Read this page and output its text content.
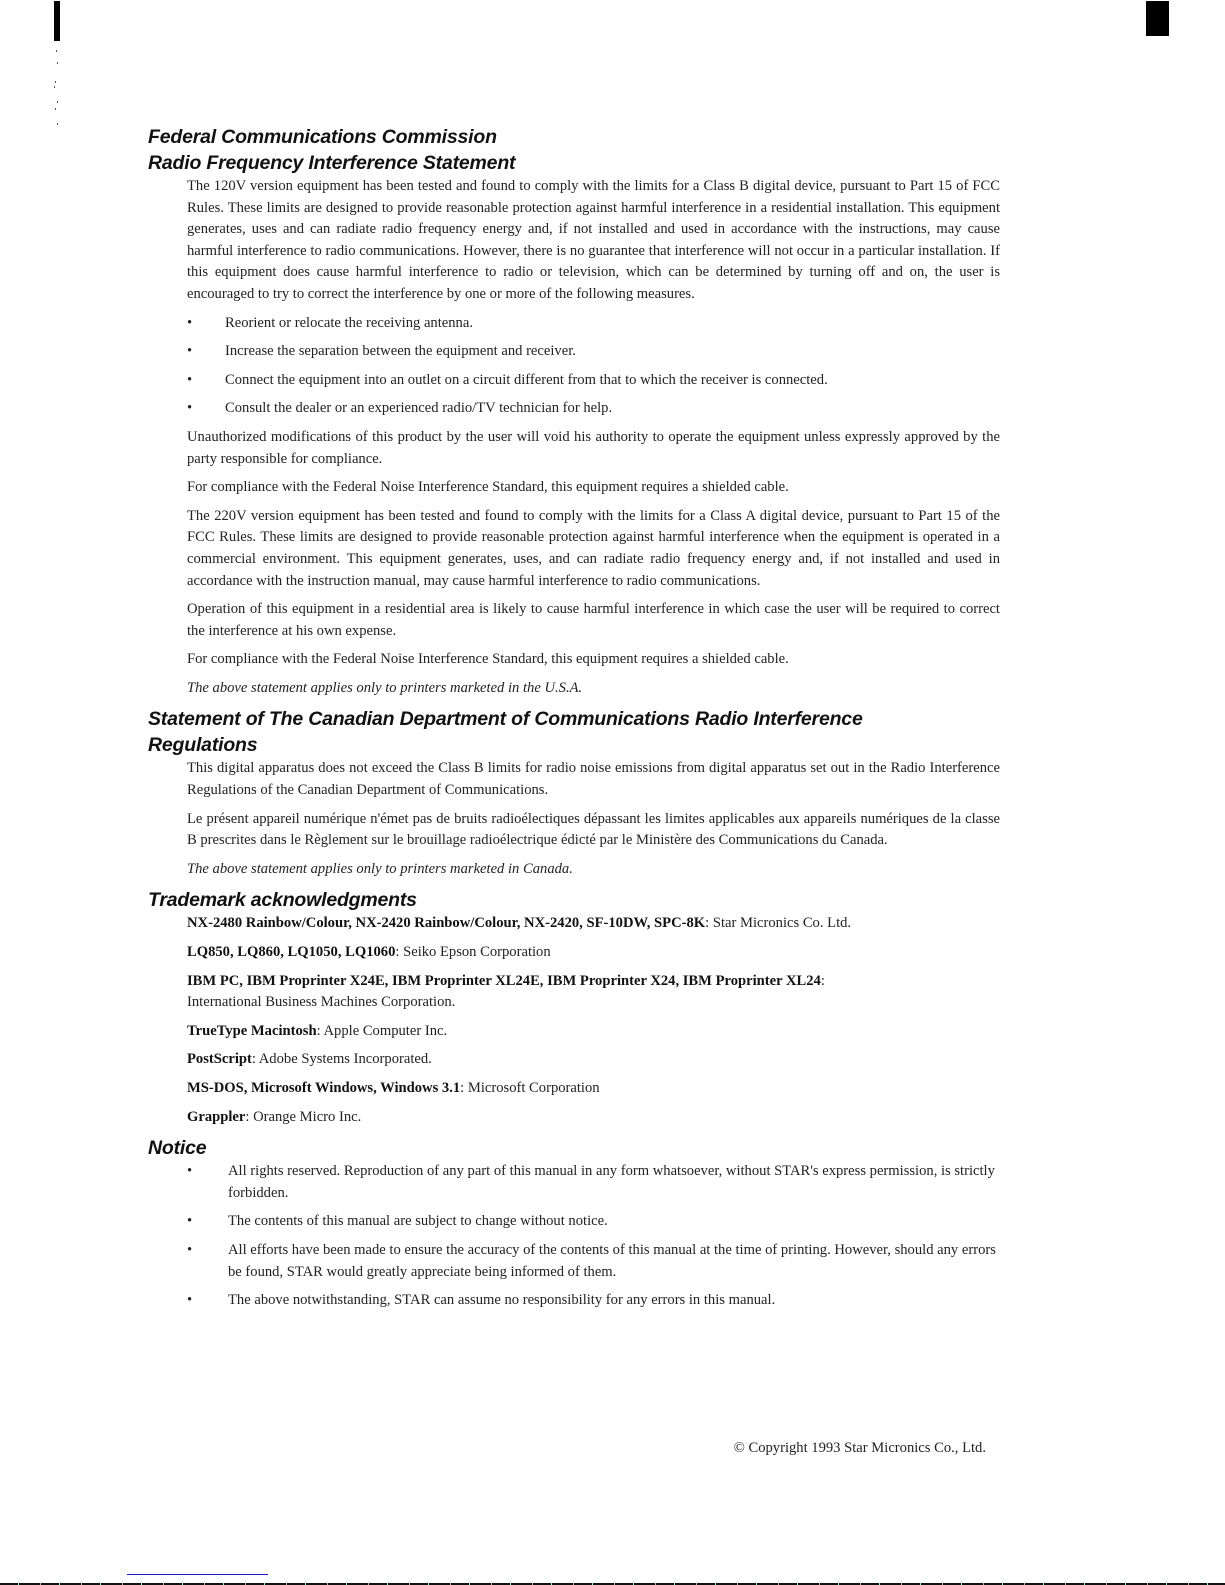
Federal Communications Commission
Radio Frequency Interference Statement

The 120V version equipment has been tested and found to comply with the limits for a Class B digital device, pursuant to Part 15 of FCC Rules. These limits are designed to provide reasonable protection against harmful interference in a residential installation. This equipment generates, uses and can radiate radio frequency energy and, if not installed and used in accordance with the instructions, may cause harmful interference to radio communications. However, there is no guarantee that interference will not occur in a particular installation. If this equipment does cause harmful interference to radio or television, which can be determined by turning off and on, the user is encouraged to try to correct the interference by one or more of the following measures.

• Reorient or relocate the receiving antenna.
• Increase the separation between the equipment and receiver.
• Connect the equipment into an outlet on a circuit different from that to which the receiver is connected.
• Consult the dealer or an experienced radio/TV technician for help.

Unauthorized modifications of this product by the user will void his authority to operate the equipment unless expressly approved by the party responsible for compliance.

For compliance with the Federal Noise Interference Standard, this equipment requires a shielded cable.

The 220V version equipment has been tested and found to comply with the limits for a Class A digital device, pursuant to Part 15 of the FCC Rules. These limits are designed to provide reasonable protection against harmful interference when the equipment is operated in a commercial environment. This equipment generates, uses, and can radiate radio frequency energy and, if not installed and used in accordance with the instruction manual, may cause harmful interference to radio communications.

Operation of this equipment in a residential area is likely to cause harmful interference in which case the user will be required to correct the interference at his own expense.

For compliance with the Federal Noise Interference Standard, this equipment requires a shielded cable.

The above statement applies only to printers marketed in the U.S.A.

Statement of The Canadian Department of Communications Radio Interference
Regulations

This digital apparatus does not exceed the Class B limits for radio noise emissions from digital apparatus set out in the Radio Interference Regulations of the Canadian Department of Communications.

Le présent appareil numérique n'émet pas de bruits radioélectiques dépassant les limites applicables aux appareils numériques de la classe B prescrites dans le Règlement sur le brouillage radioélectrique édicté par le Ministère des Communications du Canada.

The above statement applies only to printers marketed in Canada.

Trademark acknowledgments
NX-2480 Rainbow/Colour, NX-2420 Rainbow/Colour, NX-2420, SF-10DW, SPC-8K: Star Micronics Co. Ltd.
LQ850, LQ860, LQ1050, LQ1060: Seiko Epson Corporation
IBM PC, IBM Proprinter X24E, IBM Proprinter XL24E, IBM Proprinter X24, IBM Proprinter XL24: International Business Machines Corporation.
TrueType Macintosh: Apple Computer Inc.
PostScript: Adobe Systems Incorporated.
MS-DOS, Microsoft Windows, Windows 3.1: Microsoft Corporation
Grappler: Orange Micro Inc.
Notice
• All rights reserved. Reproduction of any part of this manual in any form whatsoever, without STAR's express permission, is strictly forbidden.
• The contents of this manual are subject to change without notice.
• All efforts have been made to ensure the accuracy of the contents of this manual at the time of printing. However, should any errors be found, STAR would greatly appreciate being informed of them.
• The above notwithstanding, STAR can assume no responsibility for any errors in this manual.
© Copyright 1993 Star Micronics Co., Ltd.
